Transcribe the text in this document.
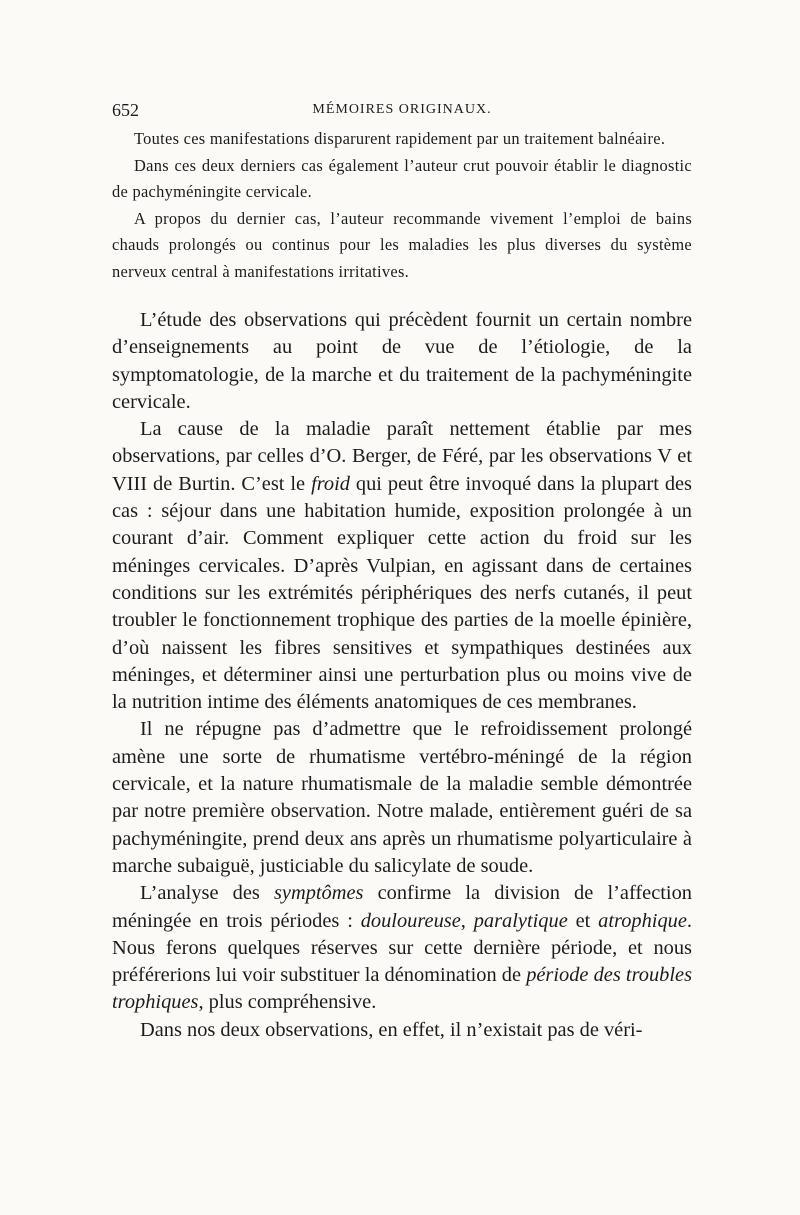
652	MÉMOIRES ORIGINAUX.

Toutes ces manifestations disparurent rapidement par un traitement balnéaire.

Dans ces deux derniers cas également l’auteur crut pouvoir établir le diagnostic de pachyméningite cervicale.

A propos du dernier cas, l’auteur recommande vivement l’emploi de bains chauds prolongés ou continus pour les maladies les plus diverses du système nerveux central à manifestations irritatives.

L’étude des observations qui précèdent fournit un certain nombre d’enseignements au point de vue de l’étiologie, de la symptomatologie, de la marche et du traitement de la pachyméningite cervicale.

La cause de la maladie paraît nettement établie par mes observations, par celles d’O. Berger, de Féré, par les observations V et VIII de Burtin. C’est le froid qui peut être invoqué dans la plupart des cas : séjour dans une habitation humide, exposition prolongée à un courant d’air. Comment expliquer cette action du froid sur les méninges cervicales. D’après Vulpian, en agissant dans de certaines conditions sur les extrémités périphériques des nerfs cutanés, il peut troubler le fonctionnement trophique des parties de la moelle épinière, d’où naissent les fibres sensitives et sympathiques destinées aux méninges, et déterminer ainsi une perturbation plus ou moins vive de la nutrition intime des éléments anatomiques de ces membranes.

Il ne répugne pas d’admettre que le refroidissement prolongé amène une sorte de rhumatisme vertébro-méningé de la région cervicale, et la nature rhumatismale de la maladie semble démontrée par notre première observation. Notre malade, entièrement guéri de sa pachyméningite, prend deux ans après un rhumatisme polyarticulaire à marche subaiguë, justiciable du salicylate de soude.

L’analyse des symptômes confirme la division de l’affection méningée en trois périodes : douloureuse, paralytique et atrophique. Nous ferons quelques réserves sur cette dernière période, et nous préférerions lui voir substituer la dénomination de période des troubles trophiques, plus compréhensive.

Dans nos deux observations, en effet, il n’existait pas de véri-
